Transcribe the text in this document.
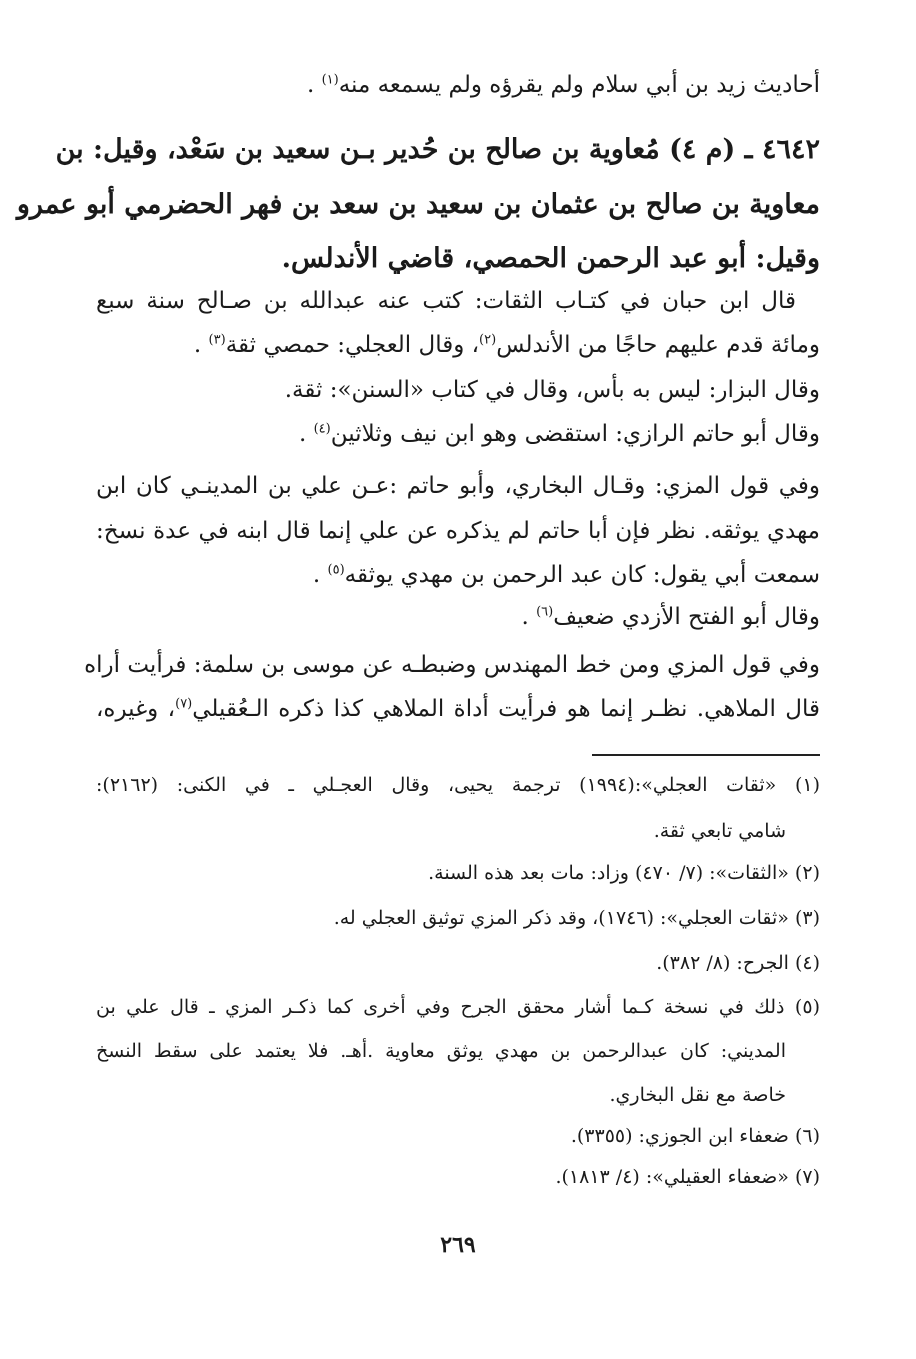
أحاديث زيد بن أبي سلام ولم يقرؤه ولم يسمعه منه$^{(١)}$ .
٤٦٤٢ ـ (م ٤) مُعاوية بن صالح بن حُدير بـن سعيد بن سَعْد، وقيل: بن
معاوية بن صالح بن عثمان بن سعيد بن سعد بن فهر الحضرمي أبو عمرو
وقيل: أبو عبد الرحمن الحمصي، قاضي الأندلس.
قال ابن حبان في كتـاب الثقات: كتب عنه عبدالله بن صـالح سنة سبع
ومائة قدم عليهم حاجًا من الأندلس$^{(٢)}$، وقال العجلي: حمصي ثقة$^{(٣)}$ .
وقال البزار: ليس به بأس، وقال في كتاب «السنن»: ثقة.
وقال أبو حاتم الرازي: استقضى وهو ابن نيف وثلاثين$^{(٤)}$ .
وفي قول المزي: وقـال البخاري، وأبو حاتم :عـن علي بن المدينـي كان ابن
مهدي يوثقه. نظر فإن أبا حاتم لم يذكره عن علي إنما قال ابنه في عدة نسخ:
سمعت أبي يقول: كان عبد الرحمن بن مهدي يوثقه$^{(٥)}$ .
وقال أبو الفتح الأزدي ضعيف$^{(٦)}$ .
وفي قول المزي ومن خط المهندس وضبطـه عن موسى بن سلمة: فرأيت أراه
قال الملاهي. نظـر إنما هو فرأيت أداة الملاهي كذا ذكره الـعُقيلي$^{(٧)}$، وغيره،
(١) «ثقات العجلي»:(١٩٩٤) ترجمة يحيى، وقال العجـلي ـ في الكنى: (٢١٦٢):
شامي تابعي ثقة.
(٢) «الثقات»: (٧/ ٤٧٠) وزاد: مات بعد هذه السنة.
(٣) «ثقات العجلي»: (١٧٤٦)، وقد ذكر المزي توثيق العجلي له.
(٤) الجرح: (٨/ ٣٨٢).
(٥) ذلك في نسخة كـما أشار محقق الجرح وفي أخرى كما ذكـر المزي ـ قال علي بن
المديني: كان عبدالرحمن بن مهدي يوثق معاوية .أهـ. فلا يعتمد على سقط النسخ
خاصة مع نقل البخاري.
(٦) ضعفاء ابن الجوزي: (٣٣٥٥).
(٧) «ضعفاء العقيلي»: (٤/ ١٨١٣).
٢٦٩
